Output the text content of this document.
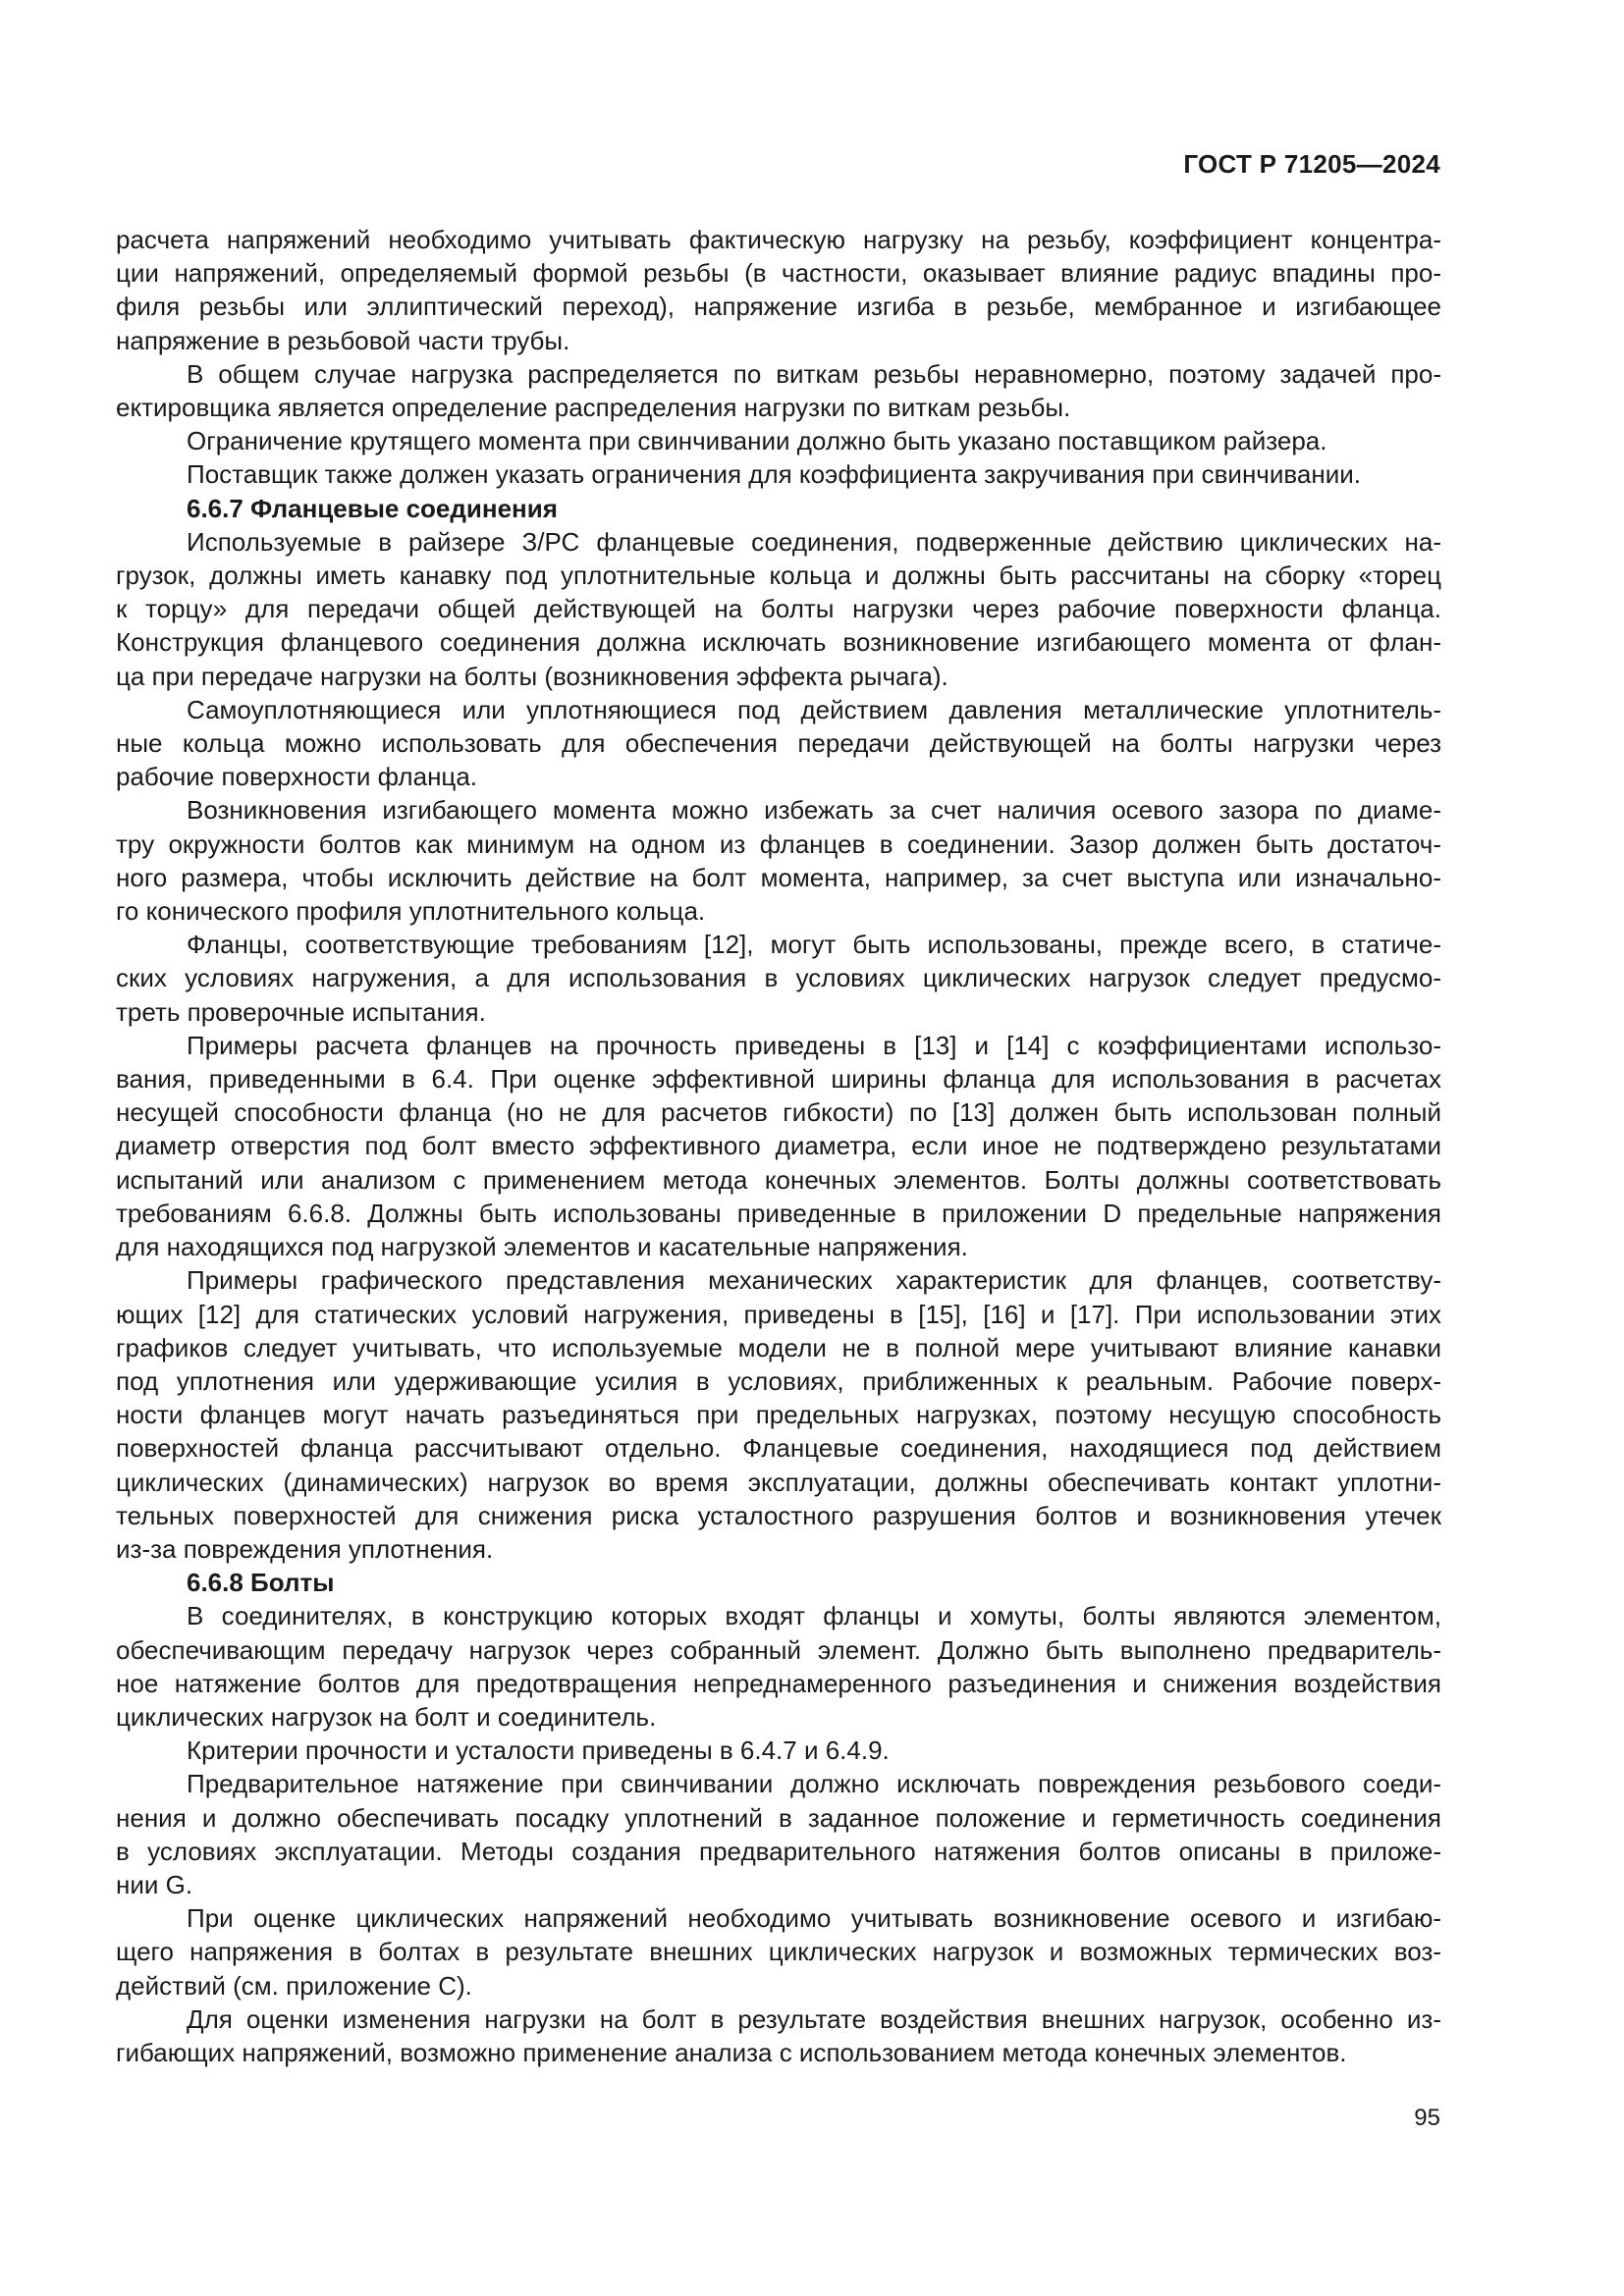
ГОСТ Р 71205—2024
расчета напряжений необходимо учитывать фактическую нагрузку на резьбу, коэффициент концентра-
ции напряжений, определяемый формой резьбы (в частности, оказывает влияние радиус впадины про-
филя резьбы или эллиптический переход), напряжение изгиба в резьбе, мембранное и изгибающее
напряжение в резьбовой части трубы.
В общем случае нагрузка распределяется по виткам резьбы неравномерно, поэтому задачей про-
ектировщика является определение распределения нагрузки по виткам резьбы.
Ограничение крутящего момента при свинчивании должно быть указано поставщиком райзера.
Поставщик также должен указать ограничения для коэффициента закручивания при свинчивании.
6.6.7 Фланцевые соединения
Используемые в райзере З/РС фланцевые соединения, подверженные действию циклических на-
грузок, должны иметь канавку под уплотнительные кольца и должны быть рассчитаны на сборку «торец
к торцу» для передачи общей действующей на болты нагрузки через рабочие поверхности фланца.
Конструкция фланцевого соединения должна исключать возникновение изгибающего момента от флан-
ца при передаче нагрузки на болты (возникновения эффекта рычага).
Самоуплотняющиеся или уплотняющиеся под действием давления металлические уплотнитель-
ные кольца можно использовать для обеспечения передачи действующей на болты нагрузки через
рабочие поверхности фланца.
Возникновения изгибающего момента можно избежать за счет наличия осевого зазора по диаме-
тру окружности болтов как минимум на одном из фланцев в соединении. Зазор должен быть достаточ-
ного размера, чтобы исключить действие на болт момента, например, за счет выступа или изначально-
го конического профиля уплотнительного кольца.
Фланцы, соответствующие требованиям [12], могут быть использованы, прежде всего, в статиче-
ских условиях нагружения, а для использования в условиях циклических нагрузок следует предусмо-
треть проверочные испытания.
Примеры расчета фланцев на прочность приведены в [13] и [14] с коэффициентами использо-
вания, приведенными в 6.4. При оценке эффективной ширины фланца для использования в расчетах
несущей способности фланца (но не для расчетов гибкости) по [13] должен быть использован полный
диаметр отверстия под болт вместо эффективного диаметра, если иное не подтверждено результатами
испытаний или анализом с применением метода конечных элементов. Болты должны соответствовать
требованиям 6.6.8. Должны быть использованы приведенные в приложении D предельные напряжения
для находящихся под нагрузкой элементов и касательные напряжения.
Примеры графического представления механических характеристик для фланцев, соответству-
ющих [12] для статических условий нагружения, приведены в [15], [16] и [17]. При использовании этих
графиков следует учитывать, что используемые модели не в полной мере учитывают влияние канавки
под уплотнения или удерживающие усилия в условиях, приближенных к реальным. Рабочие поверх-
ности фланцев могут начать разъединяться при предельных нагрузках, поэтому несущую способность
поверхностей фланца рассчитывают отдельно. Фланцевые соединения, находящиеся под действием
циклических (динамических) нагрузок во время эксплуатации, должны обеспечивать контакт уплотни-
тельных поверхностей для снижения риска усталостного разрушения болтов и возникновения утечек
из-за повреждения уплотнения.
6.6.8 Болты
В соединителях, в конструкцию которых входят фланцы и хомуты, болты являются элементом,
обеспечивающим передачу нагрузок через собранный элемент. Должно быть выполнено предваритель-
ное натяжение болтов для предотвращения непреднамеренного разъединения и снижения воздействия
циклических нагрузок на болт и соединитель.
Критерии прочности и усталости приведены в 6.4.7 и 6.4.9.
Предварительное натяжение при свинчивании должно исключать повреждения резьбового соеди-
нения и должно обеспечивать посадку уплотнений в заданное положение и герметичность соединения
в условиях эксплуатации. Методы создания предварительного натяжения болтов описаны в приложе-
нии G.
При оценке циклических напряжений необходимо учитывать возникновение осевого и изгибаю-
щего напряжения в болтах в результате внешних циклических нагрузок и возможных термических воз-
действий (см. приложение С).
Для оценки изменения нагрузки на болт в результате воздействия внешних нагрузок, особенно из-
гибающих напряжений, возможно применение анализа с использованием метода конечных элементов.
95
